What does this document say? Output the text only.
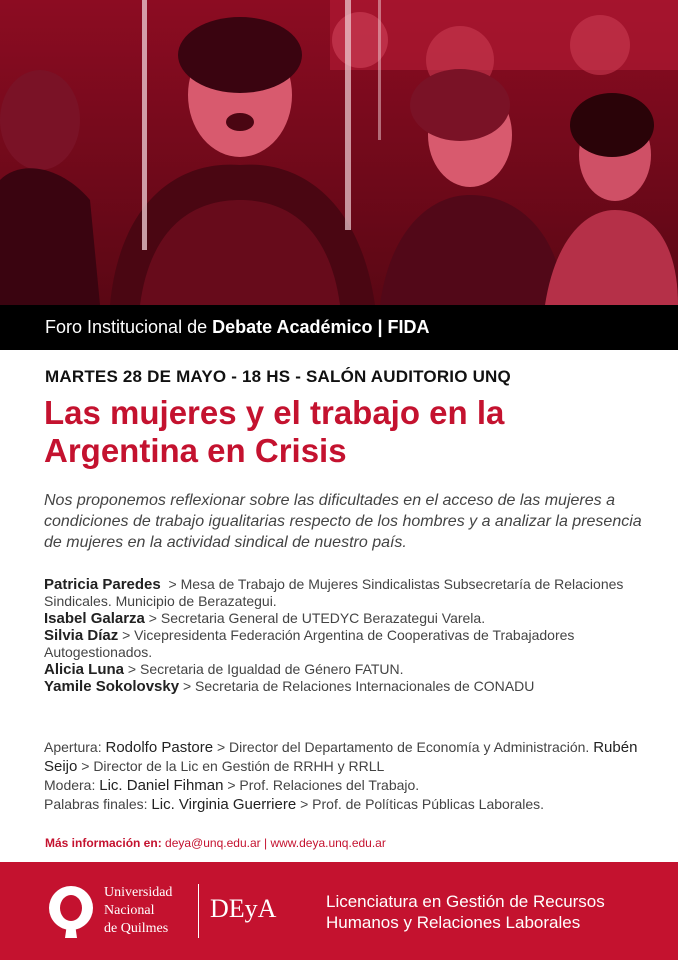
Foro Institucional de Debate Académico | FIDA
MARTES 28 DE MAYO - 18 HS - SALÓN AUDITORIO UNQ
Las mujeres y el trabajo en la
Argentina en Crisis
Nos proponemos reflexionar sobre las dificultades en el acceso de las mujeres a condiciones de trabajo igualitarias respecto de los hombres y a analizar la presencia de mujeres en la actividad sindical de nuestro país.
Patricia Paredes > Mesa de Trabajo de Mujeres Sindicalistas Subsecretaría de Relaciones Sindicales. Municipio de Berazategui.
Isabel Galarza > Secretaria General de UTEDYC Berazategui Varela.
Silvia Díaz > Vicepresidenta Federación Argentina de Cooperativas de Trabajadores Autogestionados.
Alicia Luna > Secretaria de Igualdad de Género FATUN.
Yamile Sokolovsky > Secretaria de Relaciones Internacionales de CONADU
Apertura: Rodolfo Pastore > Director del Departamento de Economía y Administración. Rubén Seijo > Director de la Lic en Gestión de RRHH y RRLL
Modera: Lic. Daniel Fihman > Prof. Relaciones del Trabajo.
Palabras finales: Lic. Virginia Guerriere > Prof. de Políticas Públicas Laborales.
Más información en: deya@unq.edu.ar | www.deya.unq.edu.ar
Universidad
Nacional
de Quilmes
DEyA	Licenciatura en Gestión de Recursos
Humanos y Relaciones Laborales
